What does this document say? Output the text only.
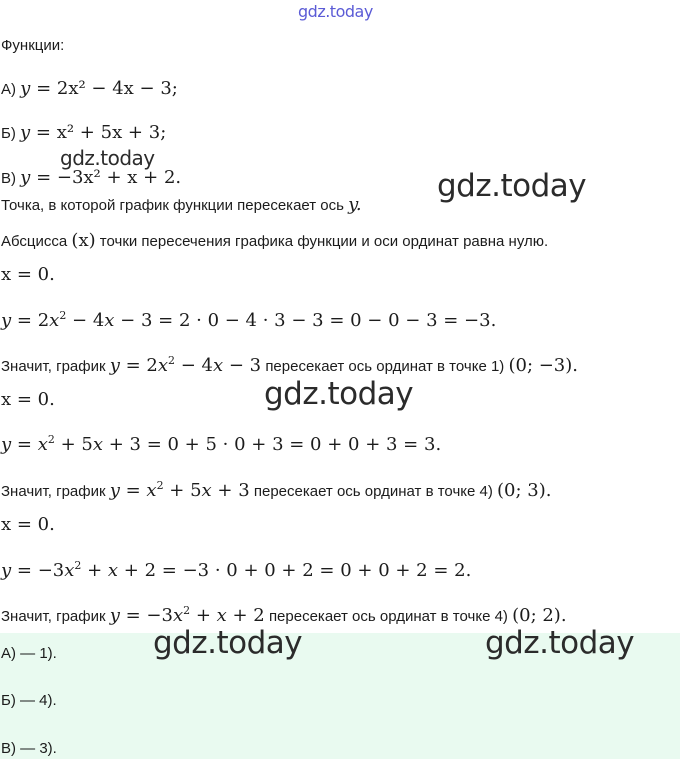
gdz.today
gdz.today
gdz.today
gdz.today
gdz.today	gdz.today
Функции:
А) y = 2x² − 4x − 3;
Б) y = x² + 5x + 3;
В) y = −3x² + x + 2.
Точка, в которой график функции пересекает ось y.
Абсцисса (x) точки пересечения графика функции и оси ординат равна нулю.
x = 0.
$y = 2x^2 - 4x - 3 = 2 \cdot 0 - 4 \cdot 3 - 3 = 0 - 0 - 3 = -3$.
Значит, график $y = 2x^2 - 4x - 3$ пересекает ось ординат в точке 1) (0; −3).
x = 0.
$y = x^2 + 5x + 3 = 0 + 5 \cdot 0 + 3 = 0 + 0 + 3 = 3$.
Значит, график $y = x^2 + 5x + 3$ пересекает ось ординат в точке 4) (0; 3).
x = 0.
$y = -3x^2 + x + 2 = -3 \cdot 0 + 0 + 2 = 0 + 0 + 2 = 2$.
Значит, график $y = -3x^2 + x + 2$ пересекает ось ординат в точке 4) (0; 2).
А) — 1).
Б) — 4).
В) — 3).
